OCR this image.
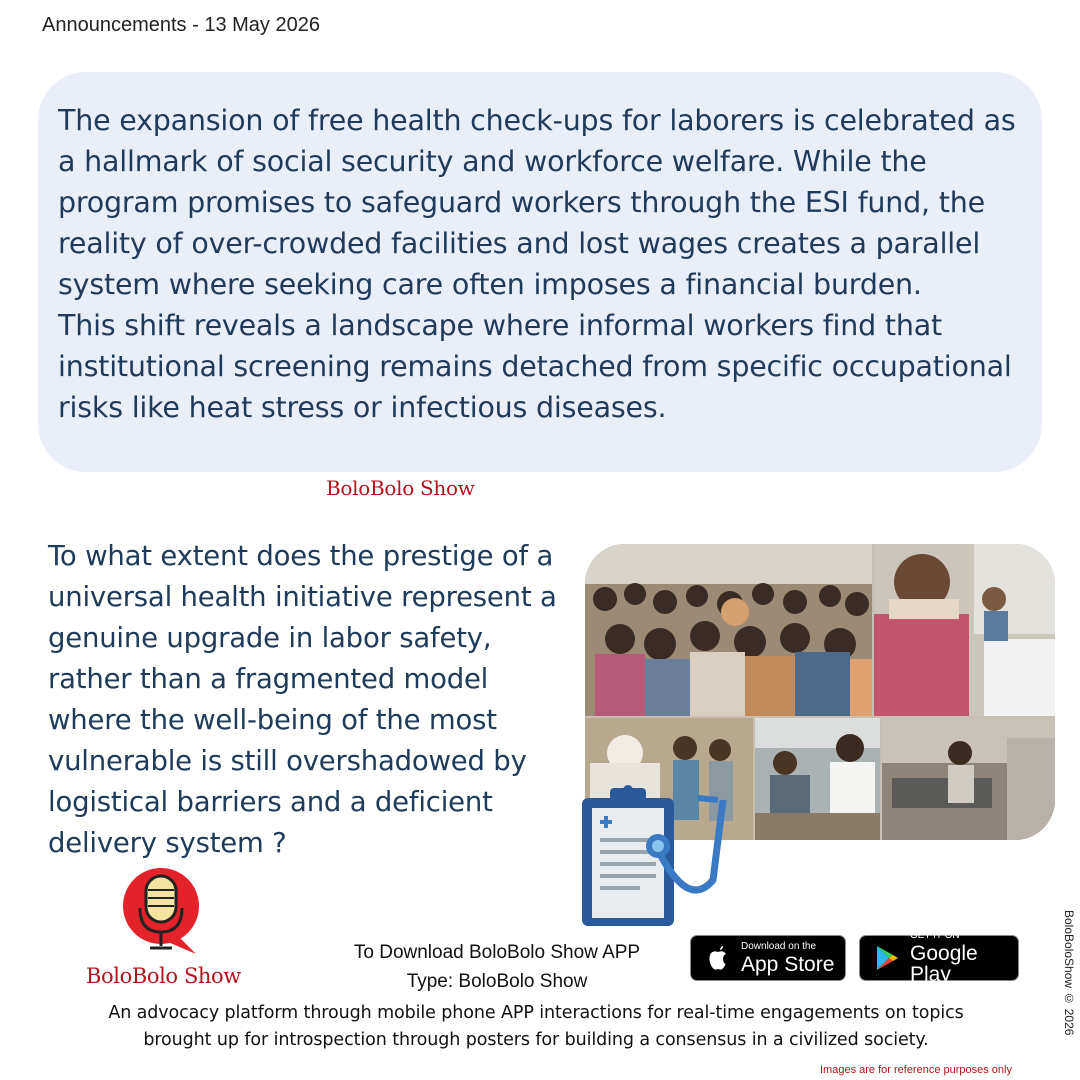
Announcements - 13 May 2026
The expansion of free health check-ups for laborers is celebrated as a hallmark of social security and workforce welfare. While the program promises to safeguard workers through the ESI fund, the reality of over-crowded facilities and lost wages creates a parallel system where seeking care often imposes a financial burden.
This shift reveals a landscape where informal workers find that institutional screening remains detached from specific occupational risks like heat stress or infectious diseases.
BoloBolo Show
To what extent does the prestige of a universal health initiative represent a genuine upgrade in labor safety, rather than a fragmented model where the well-being of the most vulnerable is still overshadowed by logistical barriers and a deficient delivery system ?
BoloBolo Show
To Download BoloBolo Show APP
Type: BoloBolo Show
Download on the
App Store
GET IT ON
Google Play
An advocacy platform through mobile phone APP interactions for real-time engagements on topics
brought up for introspection through posters for building a consensus in a civilized society.
BoloBoloShow © 2026
Images are for reference purposes only
